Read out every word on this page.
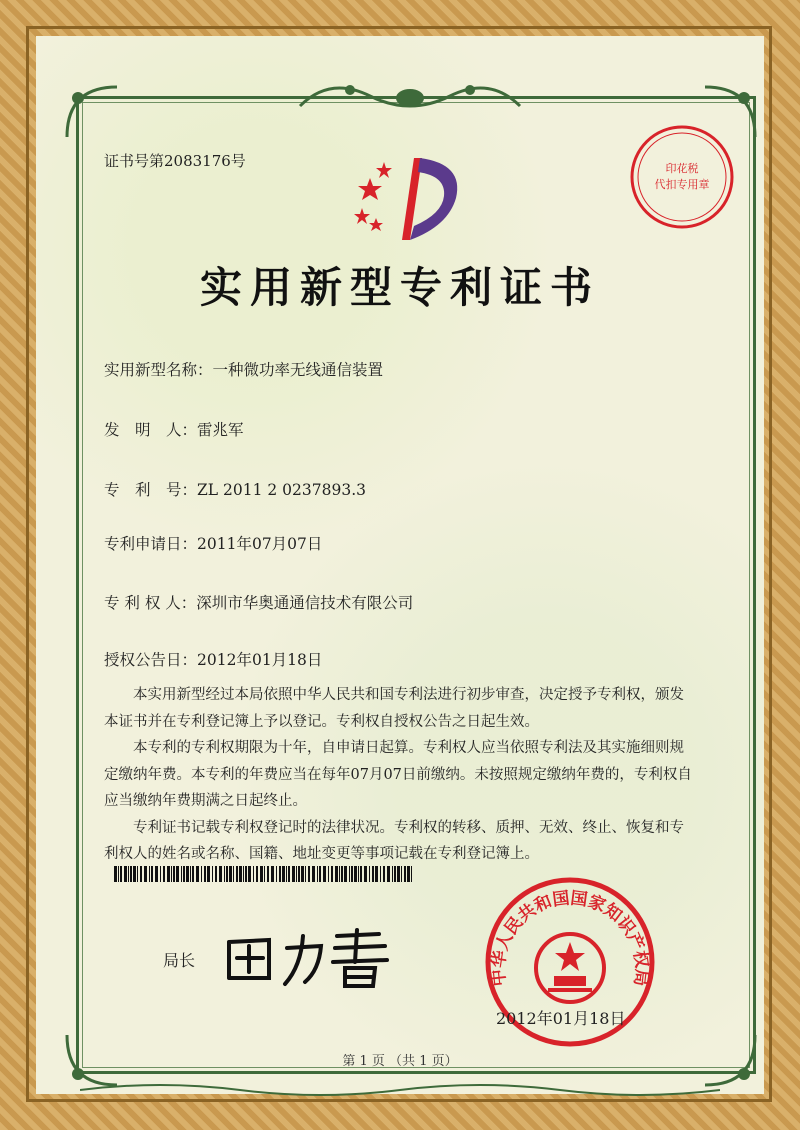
证书号第2083176号	印花税
代扣专用章
实用新型专利证书
实用新型名称：一种微功率无线通信装置
发　明　人：雷兆军
专　利　号：ZL 2011 2 0237893.3
专利申请日：2011年07月07日
专 利 权 人：深圳市华奥通通信技术有限公司
授权公告日：2012年01月18日

本实用新型经过本局依照中华人民共和国专利法进行初步审查，决定授予专利权，颁发本证书并在专利登记簿上予以登记。专利权自授权公告之日起生效。

本专利的专利权期限为十年，自申请日起算。专利权人应当依照专利法及其实施细则规定缴纳年费。本专利的年费应当在每年07月07日前缴纳。未按照规定缴纳年费的，专利权自应当缴纳年费期满之日起终止。

专利证书记载专利权登记时的法律状况。专利权的转移、质押、无效、终止、恢复和专利权人的姓名或名称、国籍、地址变更等事项记载在专利登记簿上。

局长
中华人民共和国国家知识产权局
2012年01月18日
第 1 页 （共 1 页）
